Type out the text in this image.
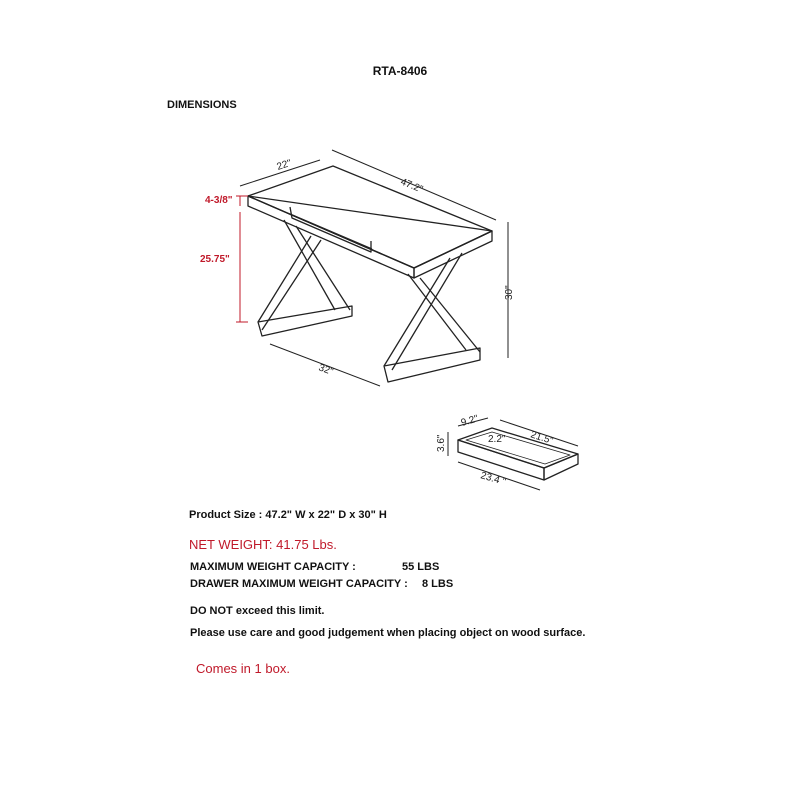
RTA-8406
DIMENSIONS
22"
47.2"
4-3/8"
25.75"
30"
32"
9.2"
21.5"
3.6"	2.2"
23.4 "
Product Size : 47.2" W x 22" D x 30" H
NET WEIGHT: 41.75 Lbs.
MAXIMUM WEIGHT CAPACITY :	55 LBS
DRAWER MAXIMUM WEIGHT CAPACITY : 8 LBS
DO NOT exceed this limit.
Please use care and good judgement when placing object on wood surface.
Comes in 1 box.
